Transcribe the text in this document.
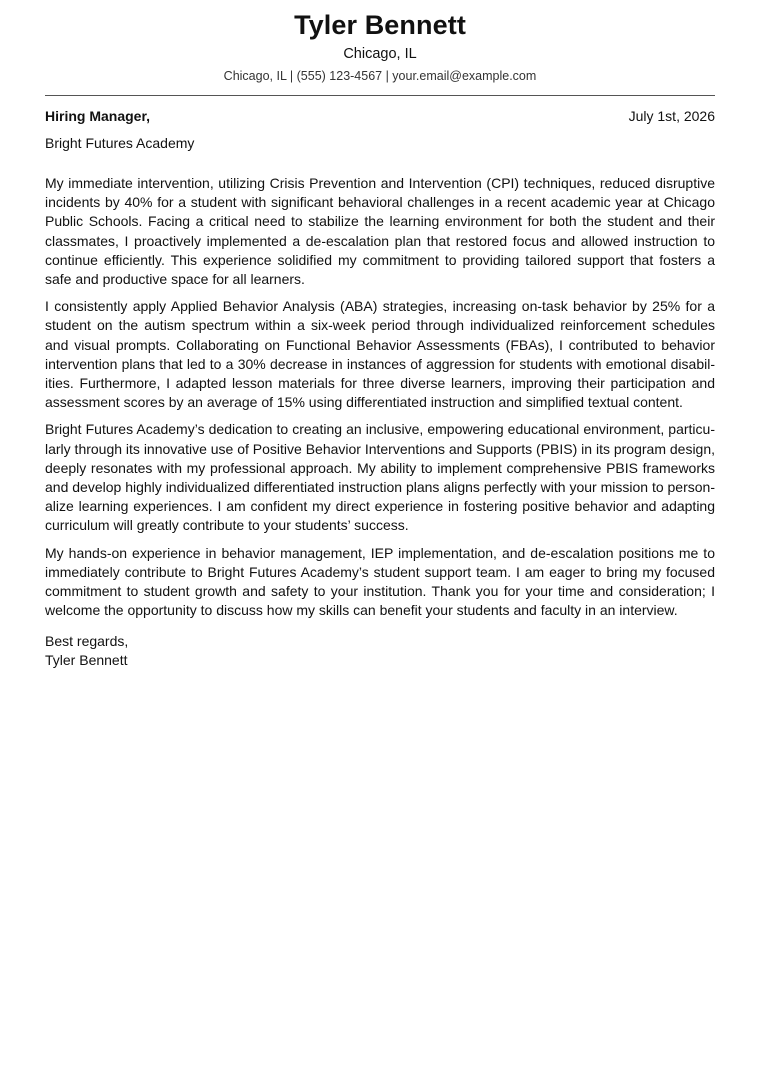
Tyler Bennett
Chicago, IL
Chicago, IL | (555) 123-4567 | your.email@example.com
Hiring Manager,	July 1st, 2026
Bright Futures Academy

My immediate intervention, utilizing Crisis Prevention and Intervention (CPI) techniques, reduced disruptive incidents by 40% for a student with significant behavioral challenges in a recent academic year at Chicago Public Schools. Facing a critical need to stabilize the learning environment for both the student and their classmates, I proactively implemented a de-escalation plan that restored focus and allowed instruction to continue efficiently. This experience solidified my commitment to providing tailored support that fosters a safe and productive space for all learners.

I consistently apply Applied Behavior Analysis (ABA) strategies, increasing on-task behavior by 25% for a student on the autism spectrum within a six-week period through individualized reinforcement schedules and visual prompts. Collaborating on Functional Behavior Assessments (FBAs), I contributed to behavior intervention plans that led to a 30% decrease in instances of aggression for students with emotional disabilities. Furthermore, I adapted lesson materials for three diverse learners, improving their participation and assessment scores by an average of 15% using differentiated instruction and simplified textual content.

Bright Futures Academy’s dedication to creating an inclusive, empowering educational environment, particularly through its innovative use of Positive Behavior Interventions and Supports (PBIS) in its program design, deeply resonates with my professional approach. My ability to implement comprehensive PBIS frameworks and develop highly individualized differentiated instruction plans aligns perfectly with your mission to personalize learning experiences. I am confident my direct experience in fostering positive behavior and adapting curriculum will greatly contribute to your students’ success.

My hands-on experience in behavior management, IEP implementation, and de-escalation positions me to immediately contribute to Bright Futures Academy’s student support team. I am eager to bring my focused commitment to student growth and safety to your institution. Thank you for your time and consideration; I welcome the opportunity to discuss how my skills can benefit your students and faculty in an interview.

Best regards,
Tyler Bennett
